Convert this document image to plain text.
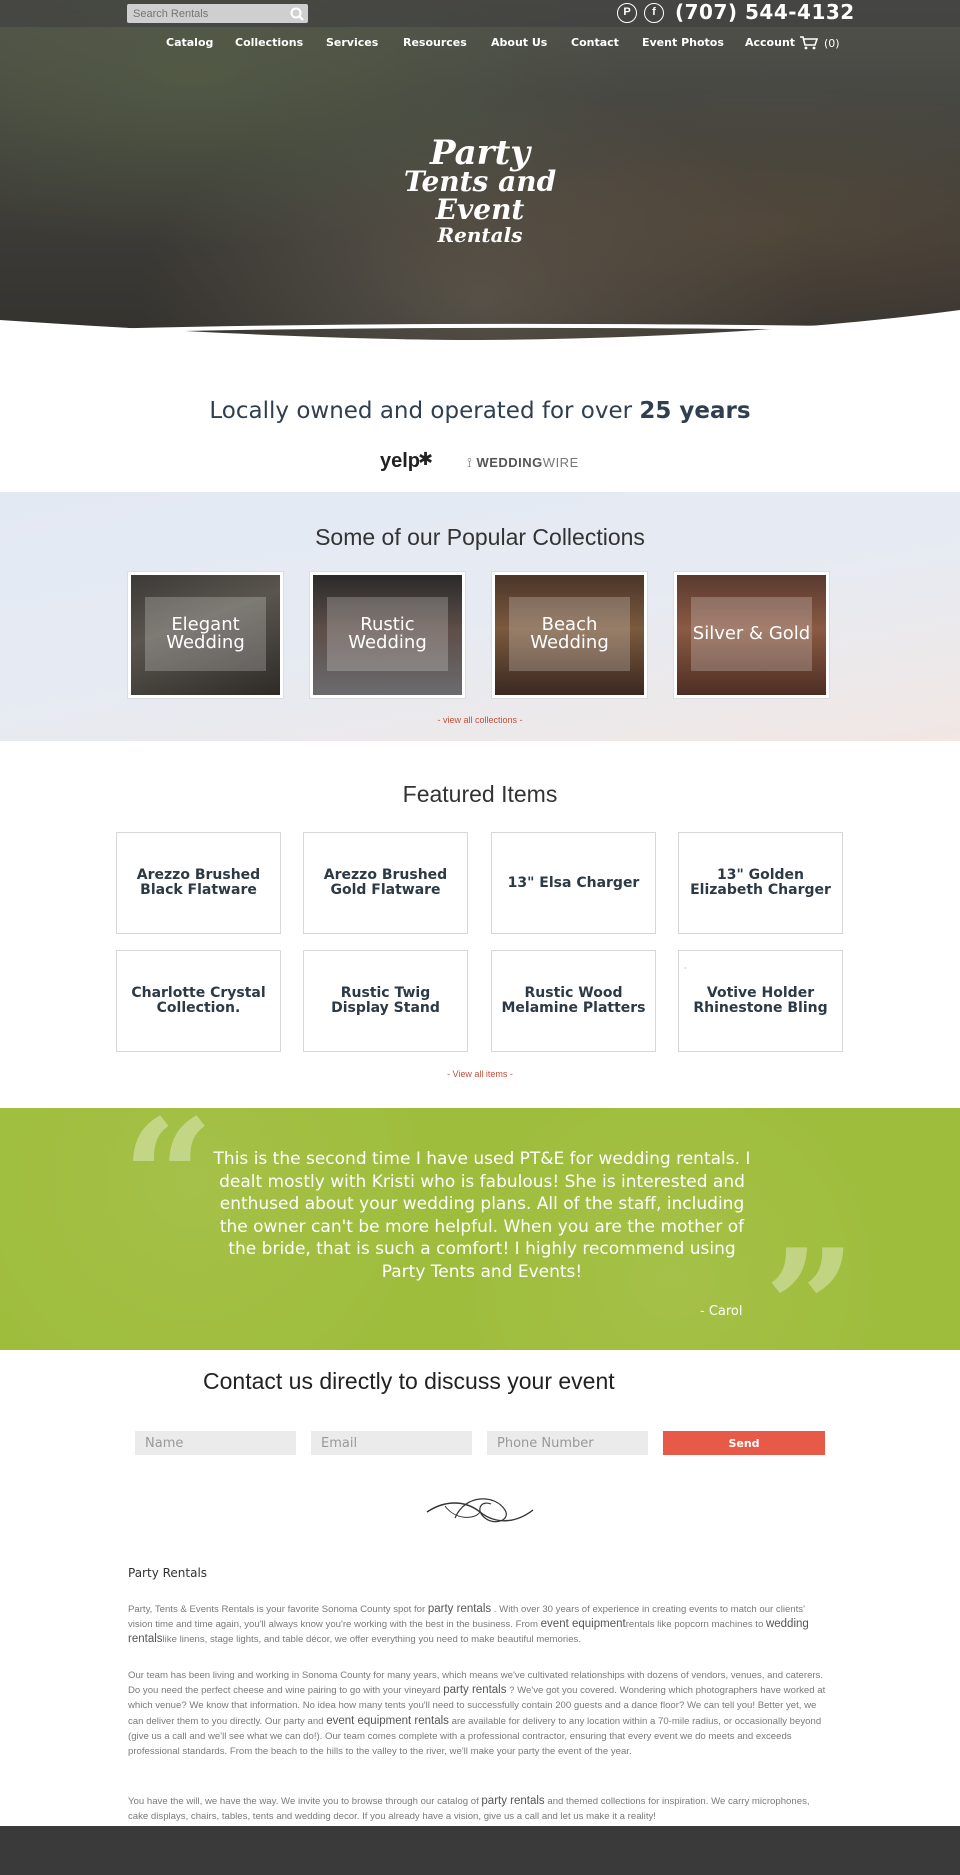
Search Rentals
P	f (707) 544-4132
Catalog Collections Services Resources About Us Contact Event Photos Account	(0)
Party
Tents and Event
Rentals
Locally owned and operated for over 25 years
yelp
✱	⟟ WEDDINGWIRE
Some of our Popular Collections
Elegant Wedding
Rustic Wedding
Beach Wedding	Silver & Gold
- view all collections -
Featured Items
Arezzo Brushed Black Flatware
Arezzo Brushed Gold Flatware	13" Elsa Charger	13" Golden Elizabeth Charger
Charlotte Crystal Collection.
Rustic Twig Display Stand
Rustic Wood Melamine Platters
·
Votive Holder Rhinestone Bling
- View all items -
“
”
This is the second time I have used PT&E for wedding rentals. I dealt mostly with Kristi who is fabulous! She is interested and enthused about your wedding plans. All of the staff, including the owner can't be more helpful. When you are the mother of the bride, that is such a comfort! I highly recommend using Party Tents and Events!
- Carol
Contact us directly to discuss your event
Name
Email
Phone Number
Send
Party Rentals

Party, Tents & Events Rentals is your favorite Sonoma County spot for party rentals . With over 30 years of experience in creating events to match our clients' vision time and time again, you'll always know you're working with the best in the business. From event equipmentrentals like popcorn machines to wedding rentalslike linens, stage lights, and table décor, we offer everything you need to make beautiful memories.

Our team has been living and working in Sonoma County for many years, which means we've cultivated relationships with dozens of vendors, venues, and caterers. Do you need the perfect cheese and wine pairing to go with your vineyard party rentals ? We've got you covered. Wondering which photographers have worked at which venue? We know that information. No idea how many tents you'll need to successfully contain 200 guests and a dance floor? We can tell you! Better yet, we can deliver them to you directly. Our party and event equipment rentals are available for delivery to any location within a 70-mile radius, or occasionally beyond (give us a call and we'll see what we can do!). Our team comes complete with a professional contractor, ensuring that every event we do meets and exceeds professional standards. From the beach to the hills to the valley to the river, we'll make your party the event of the year.

You have the will, we have the way. We invite you to browse through our catalog of party rentals and themed collections for inspiration. We carry microphones, cake displays, chairs, tables, tents and wedding decor. If you already have a vision, give us a call and let us make it a reality!
